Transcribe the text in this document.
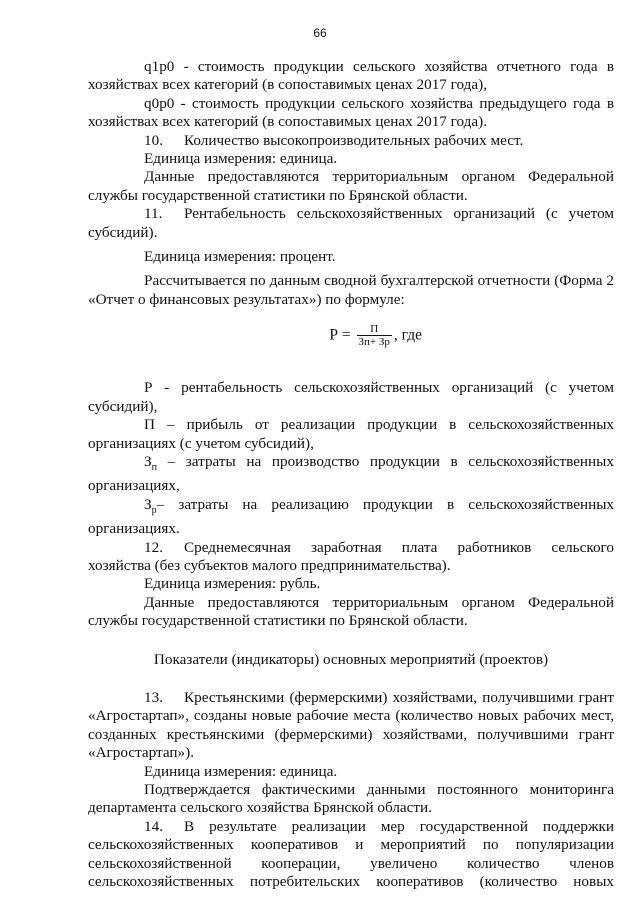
66

q1p0 - стоимость продукции сельского хозяйства отчетного года в хозяйствах всех категорий (в сопоставимых ценах 2017 года),

q0p0 - стоимость продукции сельского хозяйства предыдущего года в хозяйствах всех категорий (в сопоставимых ценах 2017 года).

10. Количество высокопроизводительных рабочих мест.

Единица измерения: единица.

Данные предоставляются территориальным органом Федеральной службы государственной статистики по Брянской области.

11. Рентабельность сельскохозяйственных организаций (с учетом субсидий).

Единица измерения: процент.

Рассчитывается по данным сводной бухгалтерской отчетности (Форма 2 «Отчет о финансовых результатах») по формуле:

$Р = \frac{П}{Зп+ Зр}$ , где

Р - рентабельность сельскохозяйственных организаций (с учетом субсидий),

П – прибыль от реализации продукции в сельскохозяйственных организациях (с учетом субсидий),

$З_п$ – затраты на производство продукции в сельскохозяйственных организациях,

$З_р-$ затраты на реализацию продукции в сельскохозяйственных организациях.

12. Среднемесячная заработная плата работников сельского хозяйства (без субъектов малого предпринимательства).

Единица измерения: рубль.

Данные предоставляются территориальным органом Федеральной службы государственной статистики по Брянской области.

Показатели (индикаторы) основных мероприятий (проектов)

13. Крестьянскими (фермерскими) хозяйствами, получившими грант «Агростартап», созданы новые рабочие места (количество новых рабочих мест, созданных крестьянскими (фермерскими) хозяйствами, получившими грант «Агростартап»).

Единица измерения: единица.

Подтверждается фактическими данными постоянного мониторинга департамента сельского хозяйства Брянской области.

14. В результате реализации мер государственной поддержки сельскохозяйственных кооперативов и мероприятий по популяризации сельскохозяйственной кооперации, увеличено количество членов сельскохозяйственных потребительских кооперативов (количество новых
